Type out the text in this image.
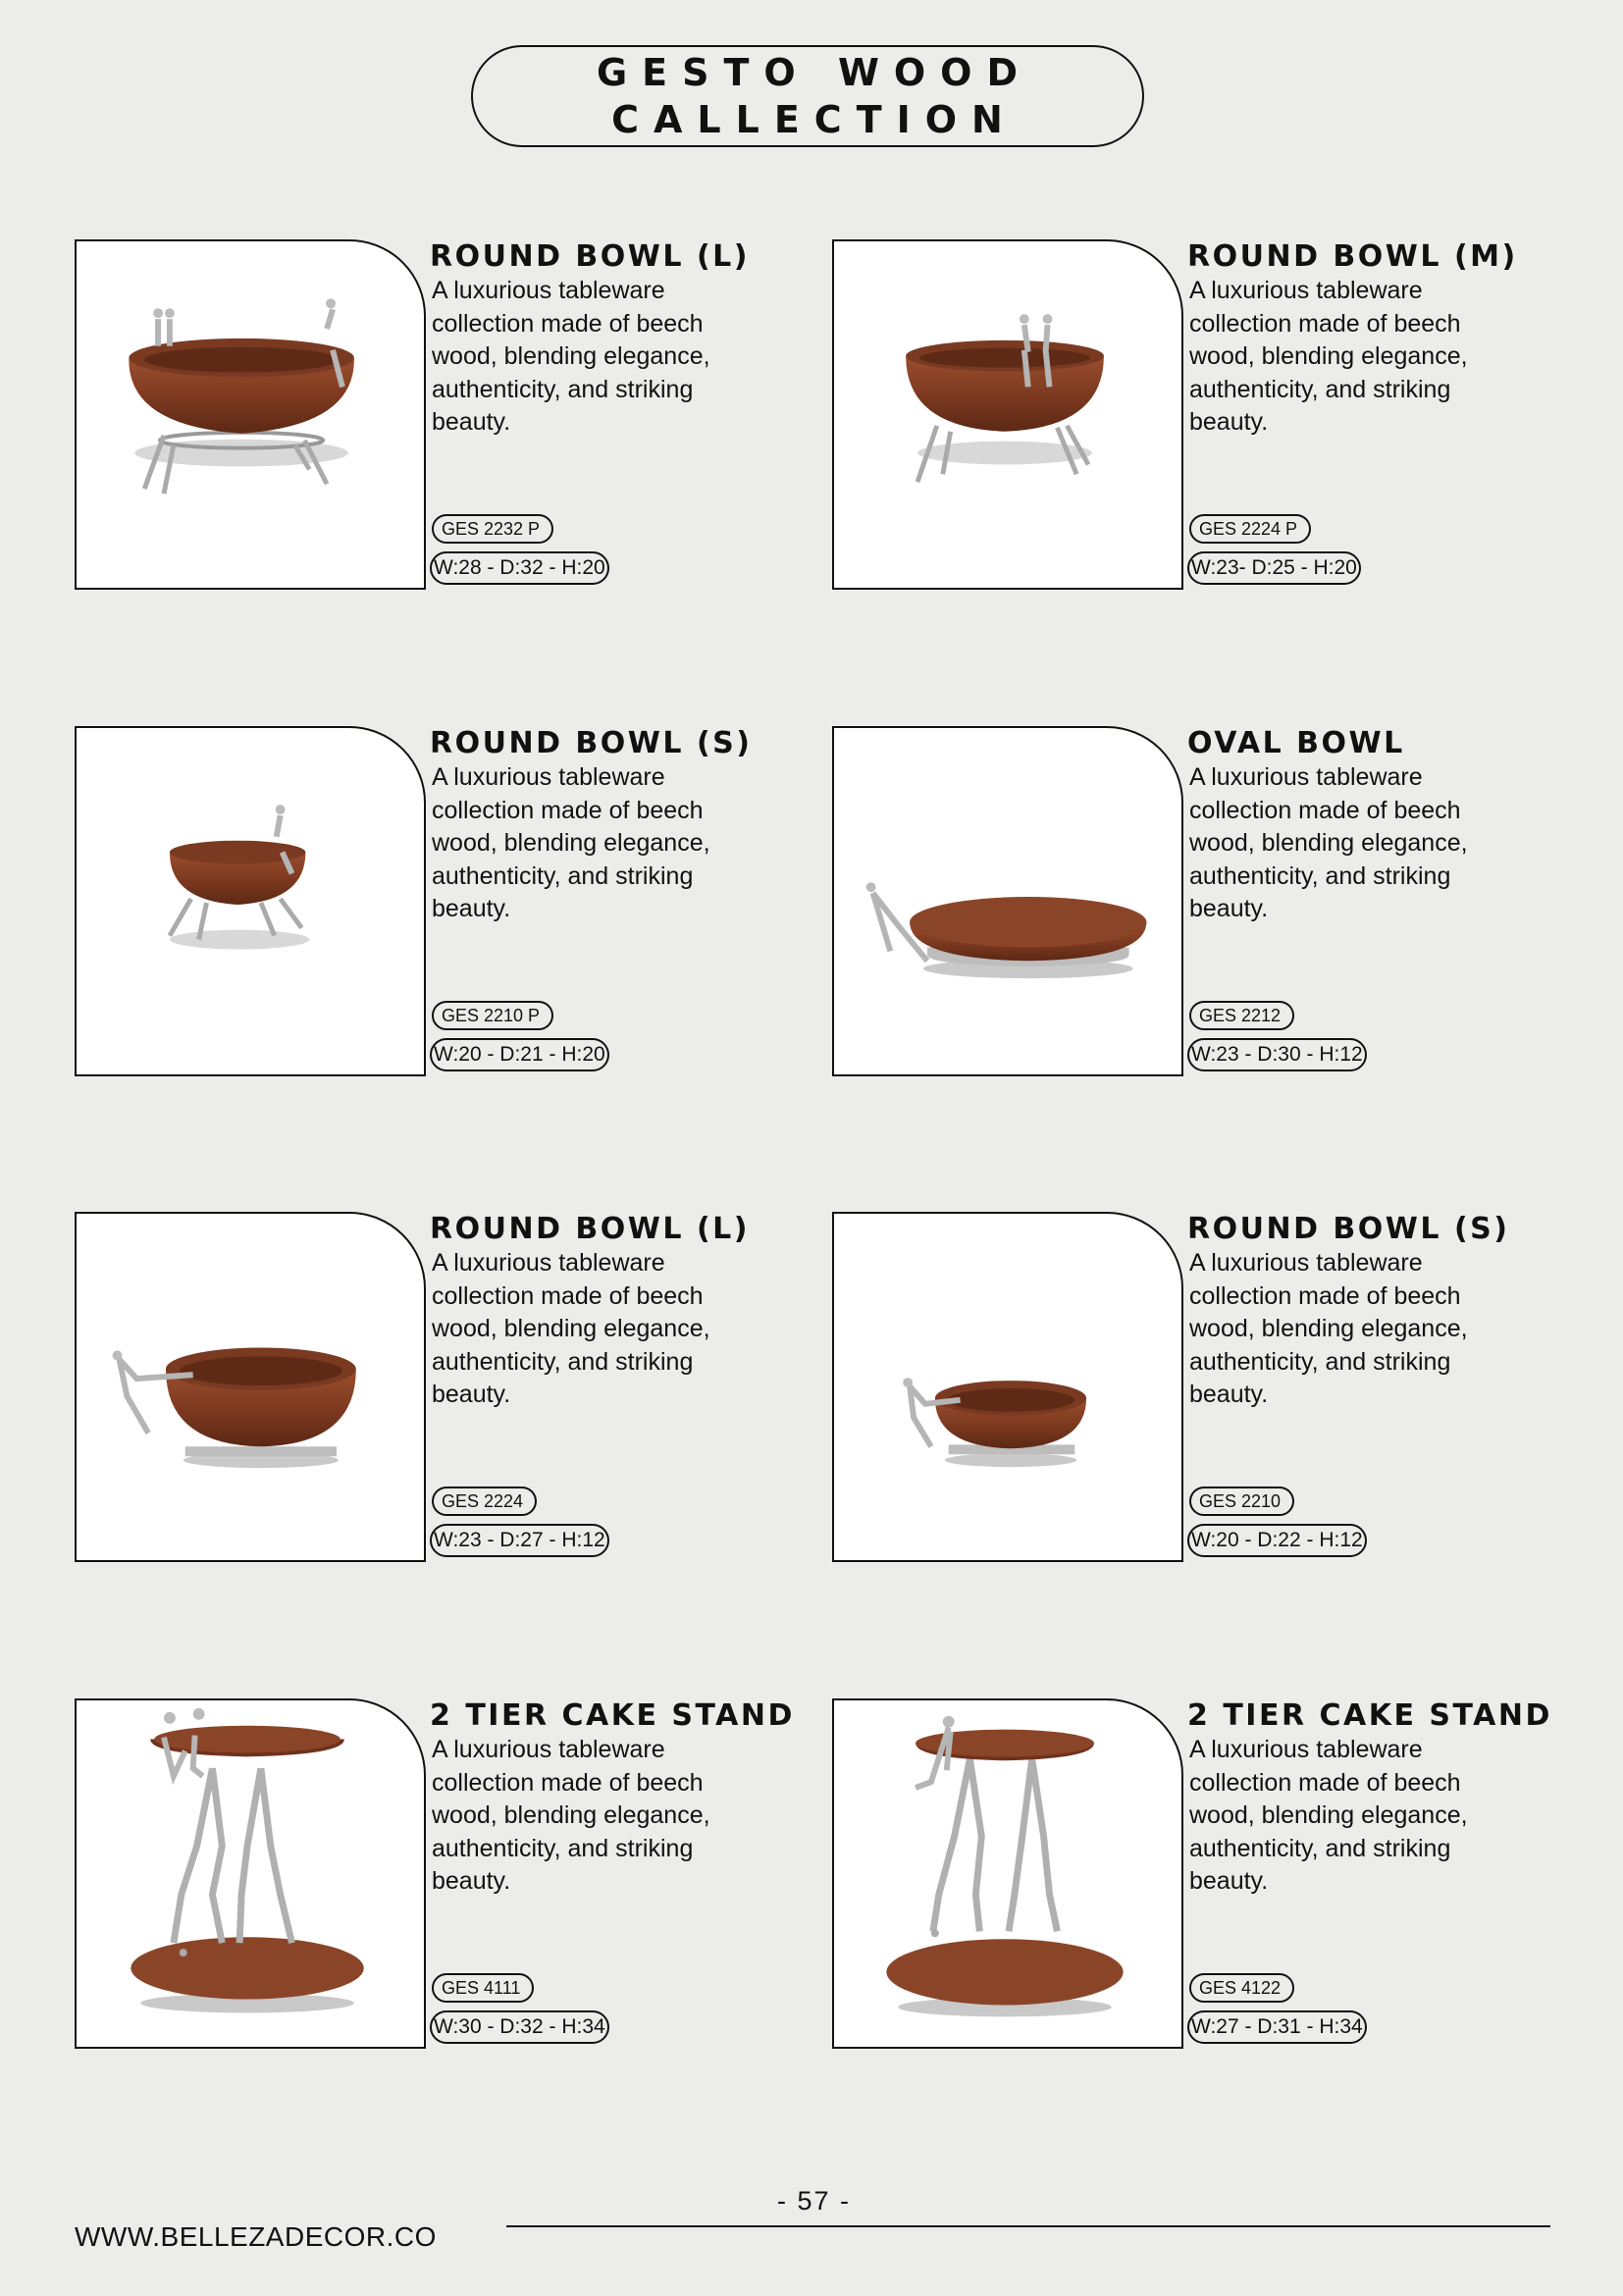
GESTO WOOD
CALLECTION
ROUND BOWL (L)
A luxurious tableware collection made of beech wood, blending elegance, authenticity, and striking beauty.
GES 2232 P
W:28 - D:32 - H:20
ROUND BOWL (M)
A luxurious tableware collection made of beech wood, blending elegance, authenticity, and striking beauty.
GES 2224 P
W:23- D:25 - H:20
ROUND BOWL (S)
A luxurious tableware collection made of beech wood, blending elegance, authenticity, and striking beauty.
GES 2210 P
W:20 - D:21 - H:20
OVAL BOWL
A luxurious tableware collection made of beech wood, blending elegance, authenticity, and striking beauty.
GES 2212
W:23 - D:30 - H:12
ROUND BOWL (L)
A luxurious tableware collection made of beech wood, blending elegance, authenticity, and striking beauty.
GES 2224
W:23 - D:27 - H:12
ROUND BOWL (S)
A luxurious tableware collection made of beech wood, blending elegance, authenticity, and striking beauty.
GES 2210
W:20 - D:22 - H:12
2 TIER CAKE STAND
A luxurious tableware collection made of beech wood, blending elegance, authenticity, and striking beauty.
GES 4111
W:30 - D:32 - H:34
2 TIER CAKE STAND
A luxurious tableware collection made of beech wood, blending elegance, authenticity, and striking beauty.
GES 4122
W:27 - D:31 - H:34
- 57 -
WWW.BELLEZADECOR.CO
